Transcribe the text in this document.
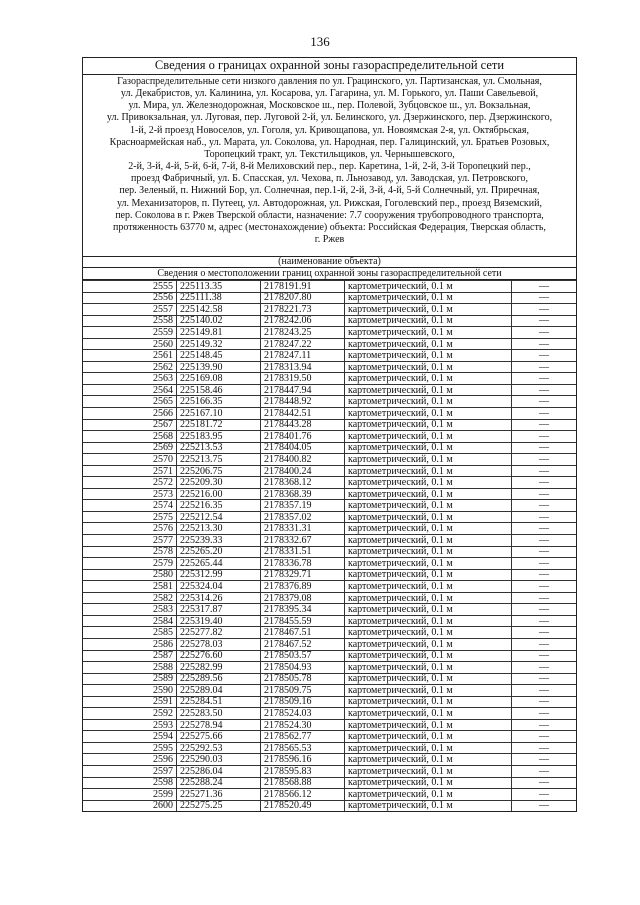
136
Сведения о границах охранной зоны газораспределительной сети
Газораспределительные сети низкого давления по ул. Грацинского, ул. Партизанская, ул. Смольная,
ул. Декабристов, ул. Калинина, ул. Косарова, ул. Гагарина, ул. М. Горького, ул. Паши Савельевой,
ул. Мира, ул. Железнодорожная, Московское ш., пер. Полевой, Зубцовское ш., ул. Вокзальная,
ул. Привокзальная, ул. Луговая, пер. Луговой 2-й, ул. Белинского, ул. Дзержинского, пер. Дзержинского,
1-й, 2-й проезд Новоселов, ул. Гоголя, ул. Кривощапова, ул. Новоямская 2-я, ул. Октябрьская,
Красноармейская наб., ул. Марата, ул. Соколова, ул. Народная, пер. Галицинский, ул. Братьев Розовых,
Торопецкий тракт, ул. Текстильщиков, ул. Чернышевского,
2-й, 3-й, 4-й, 5-й, 6-й, 7-й, 8-й Мелиховский пер., пер. Каретина, 1-й, 2-й, 3-й Торопецкий пер.,
проезд Фабричный, ул. Б. Спасская, ул. Чехова, п. Льнозавод, ул. Заводская, ул. Петровского,
пер. Зеленый, п. Нижний Бор, ул. Солнечная, пер.1-й, 2-й, 3-й, 4-й, 5-й Солнечный, ул. Приречная,
ул. Механизаторов, п. Путеец, ул. Автодорожная, ул. Рижская, Гоголевский пер., проезд Вяземский,
пер. Соколова в г. Ржев Тверской области, назначение: 7.7 сооружения трубопроводного транспорта,
протяженность 63770 м, адрес (местонахождение) объекта: Российская Федерация, Тверская область,
г. Ржев
(наименование объекта)
Сведения о местоположении границ охранной зоны газораспределительной сети
2555	225113.35	2178191.91	картометрический, 0.1 м	—
2556	225111.38	2178207.80	картометрический, 0.1 м	—
2557	225142.58	2178221.73	картометрический, 0.1 м	—
2558	225140.02	2178242.06	картометрический, 0.1 м	—
2559	225149.81	2178243.25	картометрический, 0.1 м	—
2560	225149.32	2178247.22	картометрический, 0.1 м	—
2561	225148.45	2178247.11	картометрический, 0.1 м	—
2562	225139.90	2178313.94	картометрический, 0.1 м	—
2563	225169.08	2178319.50	картометрический, 0.1 м	—
2564	225158.46	2178447.94	картометрический, 0.1 м	—
2565	225166.35	2178448.92	картометрический, 0.1 м	—
2566	225167.10	2178442.51	картометрический, 0.1 м	—
2567	225181.72	2178443.28	картометрический, 0.1 м	—
2568	225183.95	2178401.76	картометрический, 0.1 м	—
2569	225213.53	2178404.05	картометрический, 0.1 м	—
2570	225213.75	2178400.82	картометрический, 0.1 м	—
2571	225206.75	2178400.24	картометрический, 0.1 м	—
2572	225209.30	2178368.12	картометрический, 0.1 м	—
2573	225216.00	2178368.39	картометрический, 0.1 м	—
2574	225216.35	2178357.19	картометрический, 0.1 м	—
2575	225212.54	2178357.02	картометрический, 0.1 м	—
2576	225213.30	2178331.31	картометрический, 0.1 м	—
2577	225239.33	2178332.67	картометрический, 0.1 м	—
2578	225265.20	2178331.51	картометрический, 0.1 м	—
2579	225265.44	2178336.78	картометрический, 0.1 м	—
2580	225312.99	2178329.71	картометрический, 0.1 м	—
2581	225324.04	2178376.89	картометрический, 0.1 м	—
2582	225314.26	2178379.08	картометрический, 0.1 м	—
2583	225317.87	2178395.34	картометрический, 0.1 м	—
2584	225319.40	2178455.59	картометрический, 0.1 м	—
2585	225277.82	2178467.51	картометрический, 0.1 м	—
2586	225278.03	2178467.52	картометрический, 0.1 м	—
2587	225276.60	2178503.57	картометрический, 0.1 м	—
2588	225282.99	2178504.93	картометрический, 0.1 м	—
2589	225289.56	2178505.78	картометрический, 0.1 м	—
2590	225289.04	2178509.75	картометрический, 0.1 м	—
2591	225284.51	2178509.16	картометрический, 0.1 м	—
2592	225283.50	2178524.03	картометрический, 0.1 м	—
2593	225278.94	2178524.30	картометрический, 0.1 м	—
2594	225275.66	2178562.77	картометрический, 0.1 м	—
2595	225292.53	2178565.53	картометрический, 0.1 м	—
2596	225290.03	2178596.16	картометрический, 0.1 м	—
2597	225286.04	2178595.83	картометрический, 0.1 м	—
2598	225288.24	2178568.88	картометрический, 0.1 м	—
2599	225271.36	2178566.12	картометрический, 0.1 м	—
2600	225275.25	2178520.49	картометрический, 0.1 м	—
